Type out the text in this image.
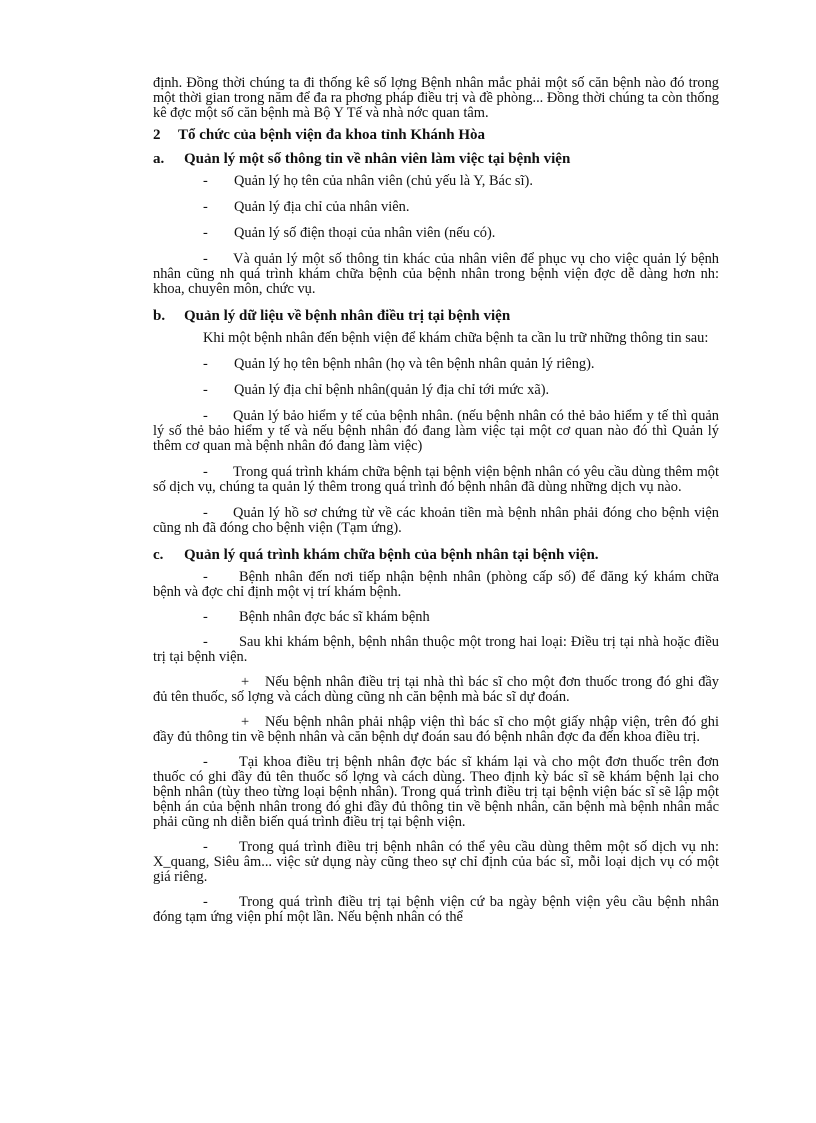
định. Đồng thời chúng ta đi thống kê số lợng Bệnh nhân mắc phải một số căn bệnh nào đó trong một thời gian trong năm để đa ra phơng pháp điều trị và đề phòng... Đồng thời chúng ta còn thống kê đợc một số căn bệnh mà Bộ Y Tế và nhà nớc quan tâm.

2 Tổ chức của bệnh viện đa khoa tỉnh Khánh Hòa
a. Quản lý một số thông tin về nhân viên làm việc tại bệnh viện

- Quản lý họ tên của nhân viên (chủ yếu là Y, Bác sĩ).

- Quản lý địa chỉ của nhân viên.

- Quản lý số điện thoại của nhân viên (nếu có).

- Và quản lý một số thông tin khác của nhân viên để phục vụ cho việc quản lý bệnh nhân cũng nh quá trình khám chữa bệnh của bệnh nhân trong bệnh viện đợc dễ dàng hơn nh: khoa, chuyên môn, chức vụ.

b. Quản lý dữ liệu về bệnh nhân điều trị tại bệnh viện

Khi một bệnh nhân đến bệnh viện để khám chữa bệnh ta cần lu trữ những thông tin sau:

- Quản lý họ tên bệnh nhân (họ và tên bệnh nhân quản lý riêng).

- Quản lý địa chỉ bệnh nhân(quản lý địa chỉ tới mức xã).

- Quản lý bảo hiểm y tế của bệnh nhân. (nếu bệnh nhân có thẻ bảo hiểm y tế thì quản lý số thẻ bảo hiểm y tế và nếu bệnh nhân đó đang làm việc tại một cơ quan nào đó thì Quản lý thêm cơ quan mà bệnh nhân đó đang làm việc)

- Trong quá trình khám chữa bệnh tại bệnh viện bệnh nhân có yêu cầu dùng thêm một số dịch vụ, chúng ta quản lý thêm trong quá trình đó bệnh nhân đã dùng những dịch vụ nào.

- Quản lý hồ sơ chứng từ về các khoản tiền mà bệnh nhân phải đóng cho bệnh viện cũng nh đã đóng cho bệnh viện (Tạm ứng).

c. Quản lý quá trình khám chữa bệnh của bệnh nhân tại bệnh viện.

- Bệnh nhân đến nơi tiếp nhận bệnh nhân (phòng cấp số) để đăng ký khám chữa bệnh và đợc chỉ định một vị trí khám bệnh.

- Bệnh nhân đợc bác sĩ khám bệnh

- Sau khi khám bệnh, bệnh nhân thuộc một trong hai loại: Điều trị tại nhà hoặc điều trị tại bệnh viện.

+ Nếu bệnh nhân điều trị tại nhà thì bác sĩ cho một đơn thuốc trong đó ghi đầy đủ tên thuốc, số lợng và cách dùng cũng nh căn bệnh mà bác sĩ dự đoán.

+ Nếu bệnh nhân phải nhập viện thì bác sĩ cho một giấy nhập viện, trên đó ghi đầy đủ thông tin về bệnh nhân và căn bệnh dự đoán sau đó bệnh nhân đợc đa đến khoa điều trị.

- Tại khoa điều trị bệnh nhân đợc bác sĩ khám lại và cho một đơn thuốc trên đơn thuốc có ghi đầy đủ tên thuốc số lợng và cách dùng. Theo định kỳ bác sĩ sẽ khám bệnh lại cho bệnh nhân (tùy theo từng loại bệnh nhân). Trong quá trình điều trị tại bệnh viện bác sĩ sẽ lập một bệnh án của bệnh nhân trong đó ghi đầy đủ thông tin về bệnh nhân, căn bệnh mà bệnh nhân mắc phải cũng nh diễn biến quá trình điều trị tại bệnh viện.

- Trong quá trình điều trị bệnh nhân có thể yêu cầu dùng thêm một số dịch vụ nh: X_quang, Siêu âm... việc sử dụng này cũng theo sự chỉ định của bác sĩ, mỗi loại dịch vụ có một giá riêng.

- Trong quá trình điều trị tại bệnh viện cứ ba ngày bệnh viện yêu cầu bệnh nhân đóng tạm ứng viện phí một lần. Nếu bệnh nhân có thể
